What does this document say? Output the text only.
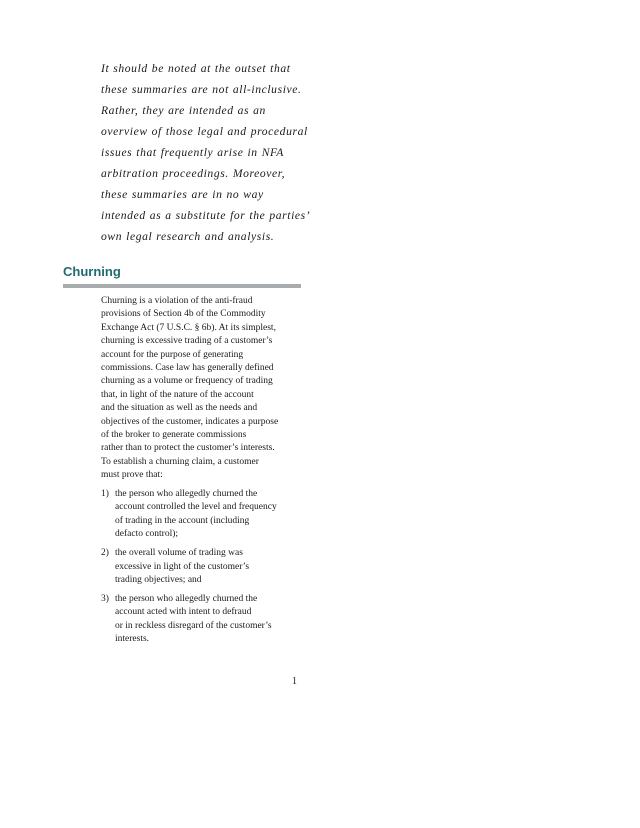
It should be noted at the outset that
these summaries are not all-inclusive.
Rather, they are intended as an
overview of those legal and procedural
issues that frequently arise in NFA
arbitration proceedings. Moreover,
these summaries are in no way
intended as a substitute for the parties’
own legal research and analysis.
Churning
Churning is a violation of the anti-fraud
provisions of Section 4b of the Commodity
Exchange Act (7 U.S.C. § 6b). At its simplest,
churning is excessive trading of a customer’s
account for the purpose of generating
commissions. Case law has generally defined
churning as a volume or frequency of trading
that, in light of the nature of the account
and the situation as well as the needs and
objectives of the customer, indicates a purpose
of the broker to generate commissions
rather than to protect the customer’s interests.
To establish a churning claim, a customer
must prove that:
1) the person who allegedly churned the
account controlled the level and frequency
of trading in the account (including
defacto control);
2) the overall volume of trading was
excessive in light of the customer’s
trading objectives; and
3) the person who allegedly churned the
account acted with intent to defraud
or in reckless disregard of the customer’s
interests.
1
